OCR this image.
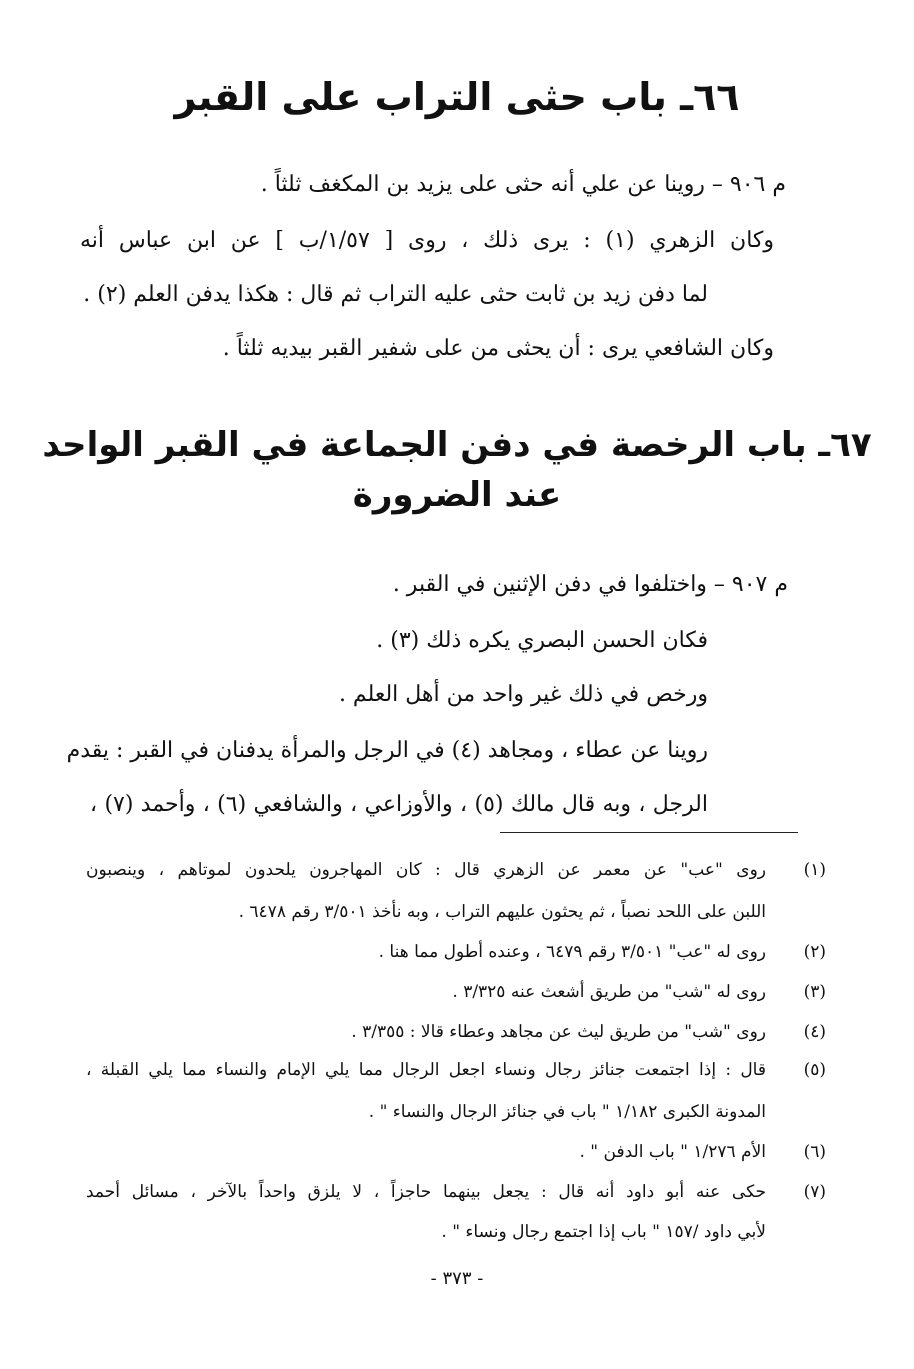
٦٦ـ باب حثى التراب على القبر
م ٩٠٦ – روينا عن علي أنه حثى على يزيد بن المكغف ثلثاً .
وكان الزهري (١) : يرى ذلك ، روى [ ١/٥٧/ب ] عن ابن عباس أنه
لما دفن زيد بن ثابت حثى عليه التراب ثم قال : هكذا يدفن العلم (٢) .
وكان الشافعي يرى : أن يحثى من على شفير القبر بيديه ثلثاً .
٦٧ـ باب الرخصة في دفن الجماعة في القبر الواحد
عند الضرورة
م ٩٠٧ – واختلفوا في دفن الإثنين في القبر .
فكان الحسن البصري يكره ذلك (٣) .
ورخص في ذلك غير واحد من أهل العلم .
روينا عن عطاء ، ومجاهد (٤) في الرجل والمرأة يدفنان في القبر : يقدم
الرجل ، وبه قال مالك (٥) ، والأوزاعي ، والشافعي (٦) ، وأحمد (٧) ،
(١)
روى "عب" عن معمر عن الزهري قال : كان المهاجرون يلحدون لموتاهم ، وينصبون
اللبن على اللحد نصباً ، ثم يحثون عليهم التراب ، وبه نأخذ ٣/٥٠١ رقم ٦٤٧٨ .
(٢)
روى له "عب" ٣/٥٠١ رقم ٦٤٧٩ ، وعنده أطول مما هنا .
(٣)
روى له "شب" من طريق أشعث عنه ٣/٣٢٥ .
(٤)
روى "شب" من طريق ليث عن مجاهد وعطاء قالا : ٣/٣٥٥ .
(٥)
قال : إذا اجتمعت جنائز رجال ونساء اجعل الرجال مما يلي الإمام والنساء مما يلي القبلة ،
المدونة الكبرى ١/١٨٢ " باب في جنائز الرجال والنساء " .
(٦)
الأم ١/٢٧٦ " باب الدفن " .
(٧)
حكى عنه أبو داود أنه قال : يجعل بينهما حاجزاً ، لا يلزق واحداً بالآخر ، مسائل أحمد
لأبي داود /١٥٧ " باب إذا اجتمع رجال ونساء " .
- ٣٧٣ -
